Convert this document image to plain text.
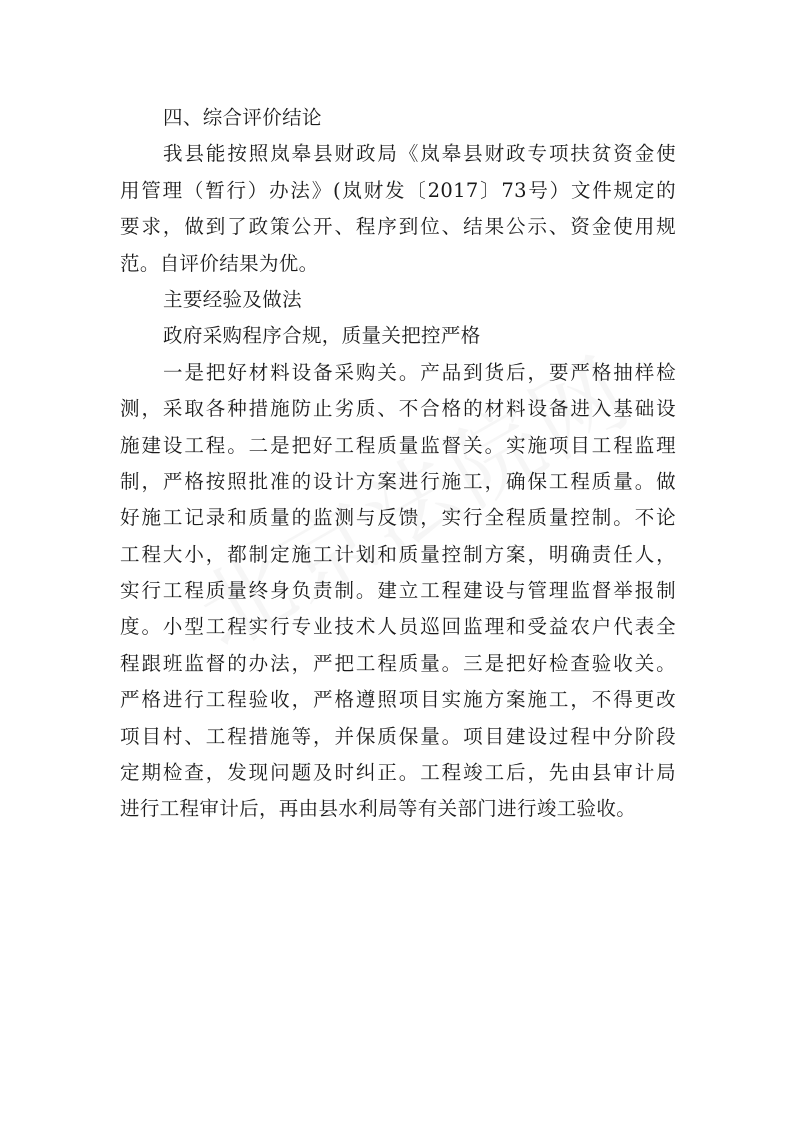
四、综合评价结论
我县能按照岚皋县财政局《岚皋县财政专项扶贫资金使
用管理（暂行）办法》(岚财发〔2017〕73号）文件规定的
要求，做到了政策公开、程序到位、结果公示、资金使用规
范。自评价结果为优。
主要经验及做法
政府采购程序合规，质量关把控严格
一是把好材料设备采购关。产品到货后，要严格抽样检
测，采取各种措施防止劣质、不合格的材料设备进入基础设
施建设工程。二是把好工程质量监督关。实施项目工程监理
制，严格按照批准的设计方案进行施工，确保工程质量。做
好施工记录和质量的监测与反馈，实行全程质量控制。不论
工程大小，都制定施工计划和质量控制方案，明确责任人，
实行工程质量终身负责制。建立工程建设与管理监督举报制
度。小型工程实行专业技术人员巡回监理和受益农户代表全
程跟班监督的办法，严把工程质量。三是把好检查验收关。
严格进行工程验收，严格遵照项目实施方案施工，不得更改
项目村、工程措施等，并保质保量。项目建设过程中分阶段
定期检查，发现问题及时纠正。工程竣工后，先由县审计局
进行工程审计后，再由县水利局等有关部门进行竣工验收。
